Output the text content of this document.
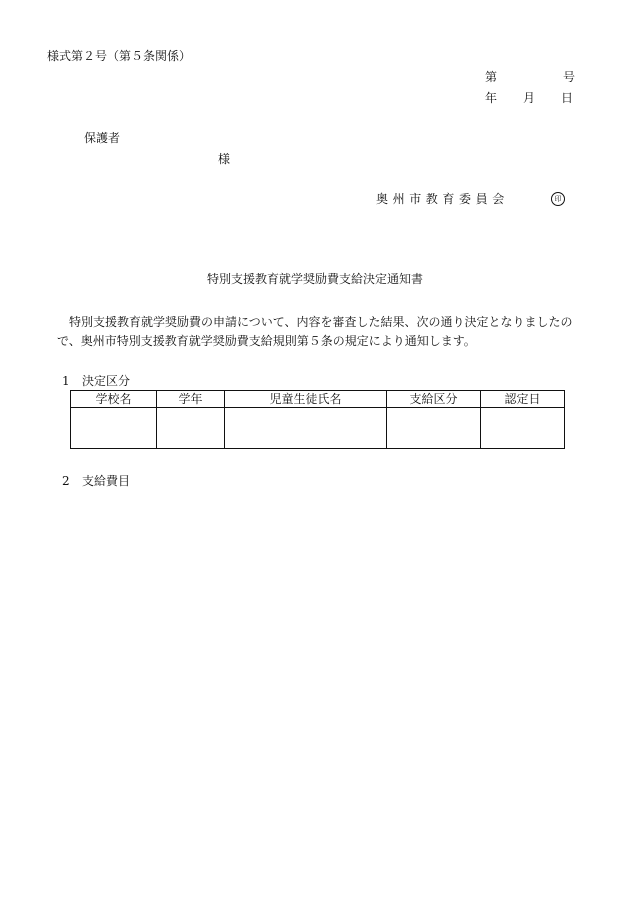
様式第２号（第５条関係）
第	号
年 月 日
保護者
様
奥州市教育委員会	印
特別支援教育就学奨励費支給決定通知書

特別支援教育就学奨励費の申請について、内容を審査した結果、次の通り決定となりましたの

で、奥州市特別支援教育就学奨励費支給規則第５条の規定により通知します。

1 決定区分
学校名	学年	児童生徒氏名	支給区分	認定日

2 支給費目
